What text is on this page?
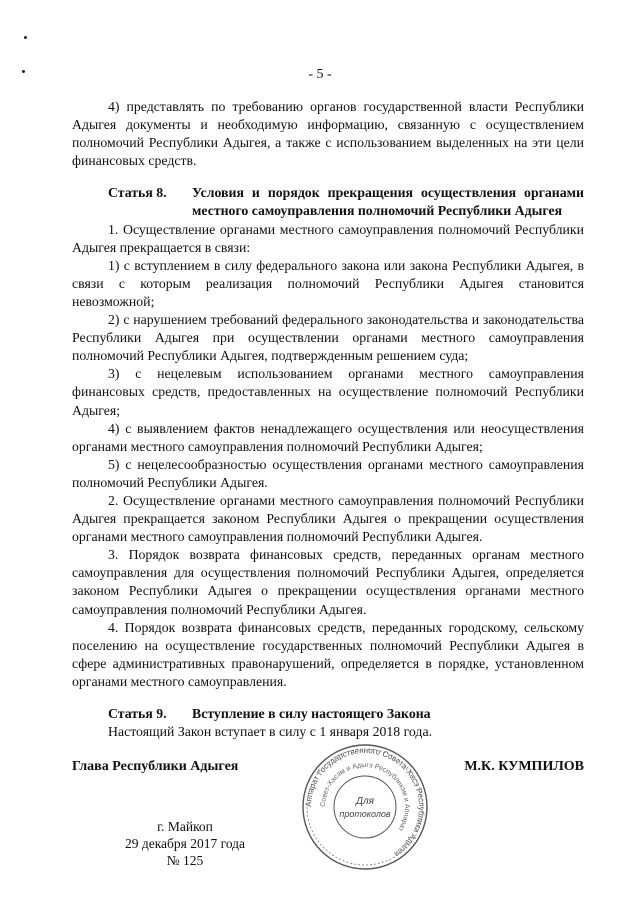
- 5 -

4) представлять по требованию органов государственной власти Республики Адыгея документы и необходимую информацию, связанную с осуществлением полномочий Республики Адыгея, а также с использованием выделенных на эти цели финансовых средств.

Статья 8.	Условия и порядок прекращения осуществления органами местного самоуправления полномочий Республики Адыгея

1. Осуществление органами местного самоуправления полномочий Республики Адыгея прекращается в связи:

1) с вступлением в силу федерального закона или закона Республики Адыгея, в связи с которым реализация полномочий Республики Адыгея становится невозможной;

2) с нарушением требований федерального законодательства и законодательства Республики Адыгея при осуществлении органами местного самоуправления полномочий Республики Адыгея, подтвержденным решением суда;

3) с нецелевым использованием органами местного самоуправления финансовых средств, предоставленных на осуществление полномочий Республики Адыгея;

4) с выявлением фактов ненадлежащего осуществления или неосуществления органами местного самоуправления полномочий Республики Адыгея;

5) с нецелесообразностью осуществления органами местного самоуправления полномочий Республики Адыгея.

2. Осуществление органами местного самоуправления полномочий Республики Адыгея прекращается законом Республики Адыгея о прекращении осуществления органами местного самоуправления полномочий Республики Адыгея.

3. Порядок возврата финансовых средств, переданных органам местного самоуправления для осуществления полномочий Республики Адыгея, определяется законом Республики Адыгея о прекращении осуществления органами местного самоуправления полномочий Республики Адыгея.

4. Порядок возврата финансовых средств, переданных городскому, сельскому поселению на осуществление государственных полномочий Республики Адыгея в сфере административных правонарушений, определяется в порядке, установленном органами местного самоуправления.

Статья 9.	Вступление в силу настоящего Закона

Настоящий Закон вступает в силу с 1 января 2018 года.

Глава Республики Адыгея	М.К. КУМПИЛОВ
г. Майкоп
29 декабря 2017 года
№ 125
Аппарат Государственного Совета-Хасэ Республики Адыгея
Совет-Хасэм и Адыгэ Республикэм и Аппарат
Для
протоколов
